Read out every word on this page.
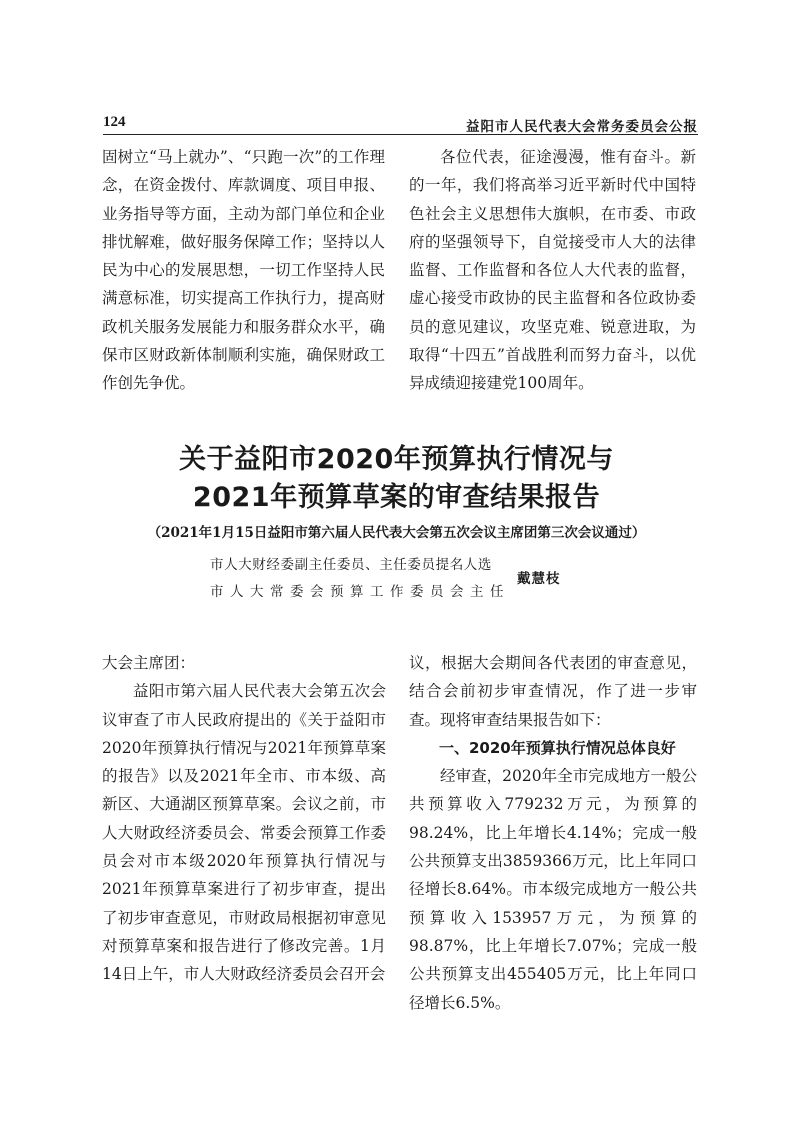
124	益阳市人民代表大会常务委员会公报

固树立“马上就办”、“只跑一次”的工作理念，在资金拨付、库款调度、项目申报、业务指导等方面，主动为部门单位和企业排忧解难，做好服务保障工作；坚持以人民为中心的发展思想，一切工作坚持人民满意标准，切实提高工作执行力，提高财政机关服务发展能力和服务群众水平，确保市区财政新体制顺利实施，确保财政工作创先争优。

各位代表，征途漫漫，惟有奋斗。新的一年，我们将高举习近平新时代中国特色社会主义思想伟大旗帜，在市委、市政府的坚强领导下，自觉接受市人大的法律监督、工作监督和各位人大代表的监督，虚心接受市政协的民主监督和各位政协委员的意见建议，攻坚克难、锐意进取，为取得“十四五”首战胜利而努力奋斗，以优异成绩迎接建党100周年。

关于益阳市2020年预算执行情况与
2021年预算草案的审查结果报告
（2021年1月15日益阳市第六届人民代表大会第五次会议主席团第三次会议通过）
市人大财经委副主任委员、主任委员提名人选
市人大常委会预算工作委员会主任
戴慧枝

大会主席团：

益阳市第六届人民代表大会第五次会议审查了市人民政府提出的《关于益阳市2020年预算执行情况与2021年预算草案的报告》以及2021年全市、市本级、高新区、大通湖区预算草案。会议之前，市人大财政经济委员会、常委会预算工作委员会对市本级2020年预算执行情况与2021年预算草案进行了初步审查，提出了初步审查意见，市财政局根据初审意见对预算草案和报告进行了修改完善。1月14日上午，市人大财政经济委员会召开会

议，根据大会期间各代表团的审查意见，结合会前初步审查情况，作了进一步审查。现将审查结果报告如下：

一、2020年预算执行情况总体良好

经审查，2020年全市完成地方一般公共预算收入779232万元，为预算的98.24%，比上年增长4.14%；完成一般公共预算支出3859366万元，比上年同口径增长8.64%。市本级完成地方一般公共预算收入153957万元，为预算的98.87%，比上年增长7.07%；完成一般公共预算支出455405万元，比上年同口径增长6.5%。
